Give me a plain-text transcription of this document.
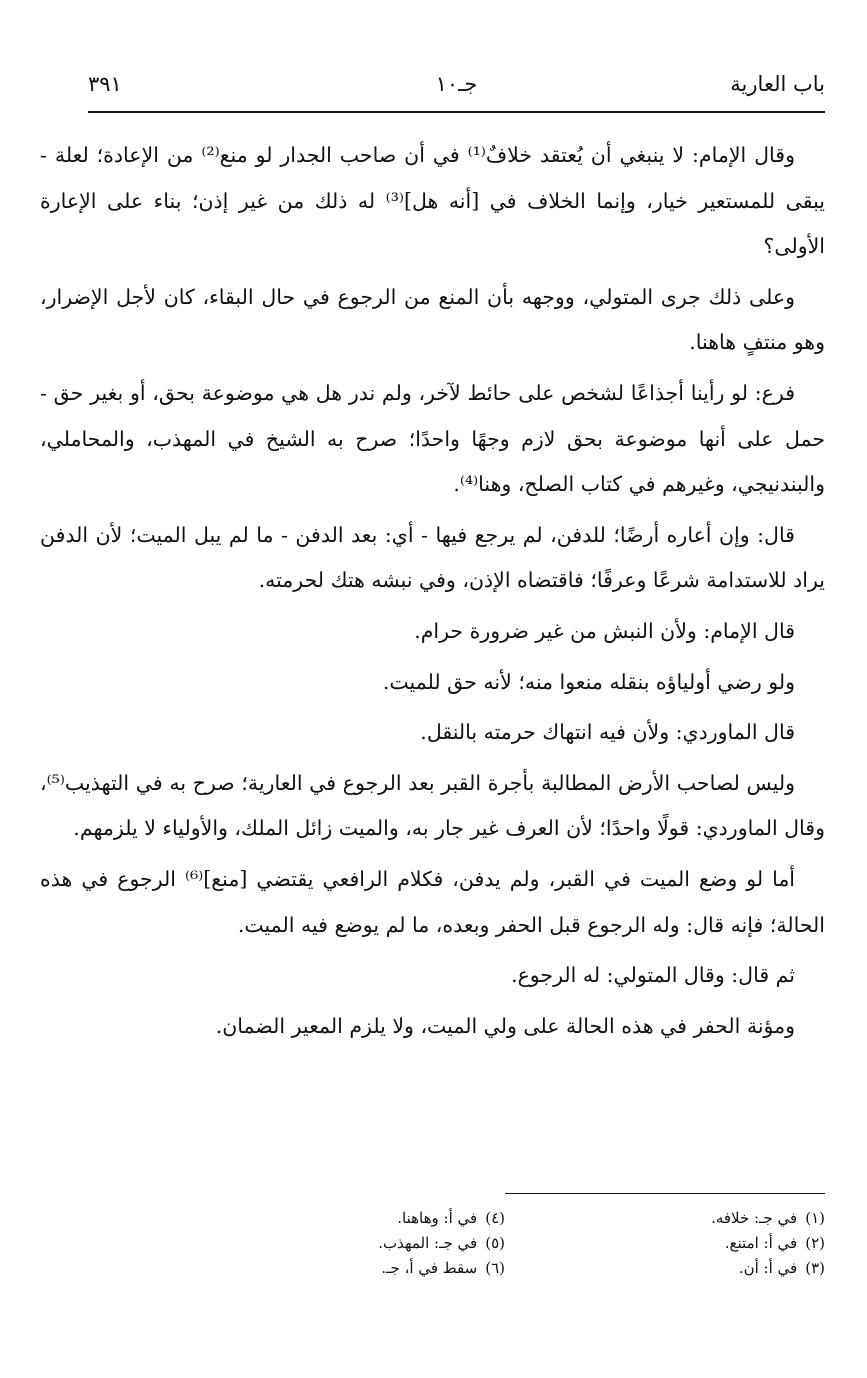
باب العارية
جـ١٠
٣٩١

وقال الإمام: لا ينبغي أن يُعتقد خلافٌ⁽¹⁾ في أن صاحب الجدار لو منع⁽²⁾ من الإعادة؛ لعلة - يبقى للمستعير خيار، وإنما الخلاف في [أنه هل]⁽³⁾ له ذلك من غير إذن؛ بناء على الإعارة الأولى؟

وعلى ذلك جرى المتولي، ووجهه بأن المنع من الرجوع في حال البقاء، كان لأجل الإضرار، وهو منتفٍ هاهنا.

فرع: لو رأينا أجذاعًا لشخص على حائط لآخر، ولم ندر هل هي موضوعة بحق، أو بغير حق - حمل على أنها موضوعة بحق لازم وجهًا واحدًا؛ صرح به الشيخ في المهذب، والمحاملي، والبندنيجي، وغيرهم في كتاب الصلح، وهنا⁽⁴⁾.

قال: وإن أعاره أرضًا؛ للدفن، لم يرجع فيها - أي: بعد الدفن - ما لم يبل الميت؛ لأن الدفن يراد للاستدامة شرعًا وعرفًا؛ فاقتضاه الإذن، وفي نبشه هتك لحرمته.

قال الإمام: ولأن النبش من غير ضرورة حرام.

ولو رضي أولياؤه بنقله منعوا منه؛ لأنه حق للميت.

قال الماوردي: ولأن فيه انتهاك حرمته بالنقل.

وليس لصاحب الأرض المطالبة بأجرة القبر بعد الرجوع في العارية؛ صرح به في التهذيب⁽⁵⁾، وقال الماوردي: قولًا واحدًا؛ لأن العرف غير جار به، والميت زائل الملك، والأولياء لا يلزمهم.

أما لو وضع الميت في القبر، ولم يدفن، فكلام الرافعي يقتضي [منع]⁽⁶⁾ الرجوع في هذه الحالة؛ فإنه قال: وله الرجوع قبل الحفر وبعده، ما لم يوضع فيه الميت.

ثم قال: وقال المتولي: له الرجوع.

ومؤنة الحفر في هذه الحالة على ولي الميت، ولا يلزم المعير الضمان.

(١)في جـ: خلافه.
(٢)في أ: امتنع.
(٣)في أ: أن.
(٤)في أ: وهاهنا.
(٥)في جـ: المهذب.
(٦)سقط في أ، جـ.
